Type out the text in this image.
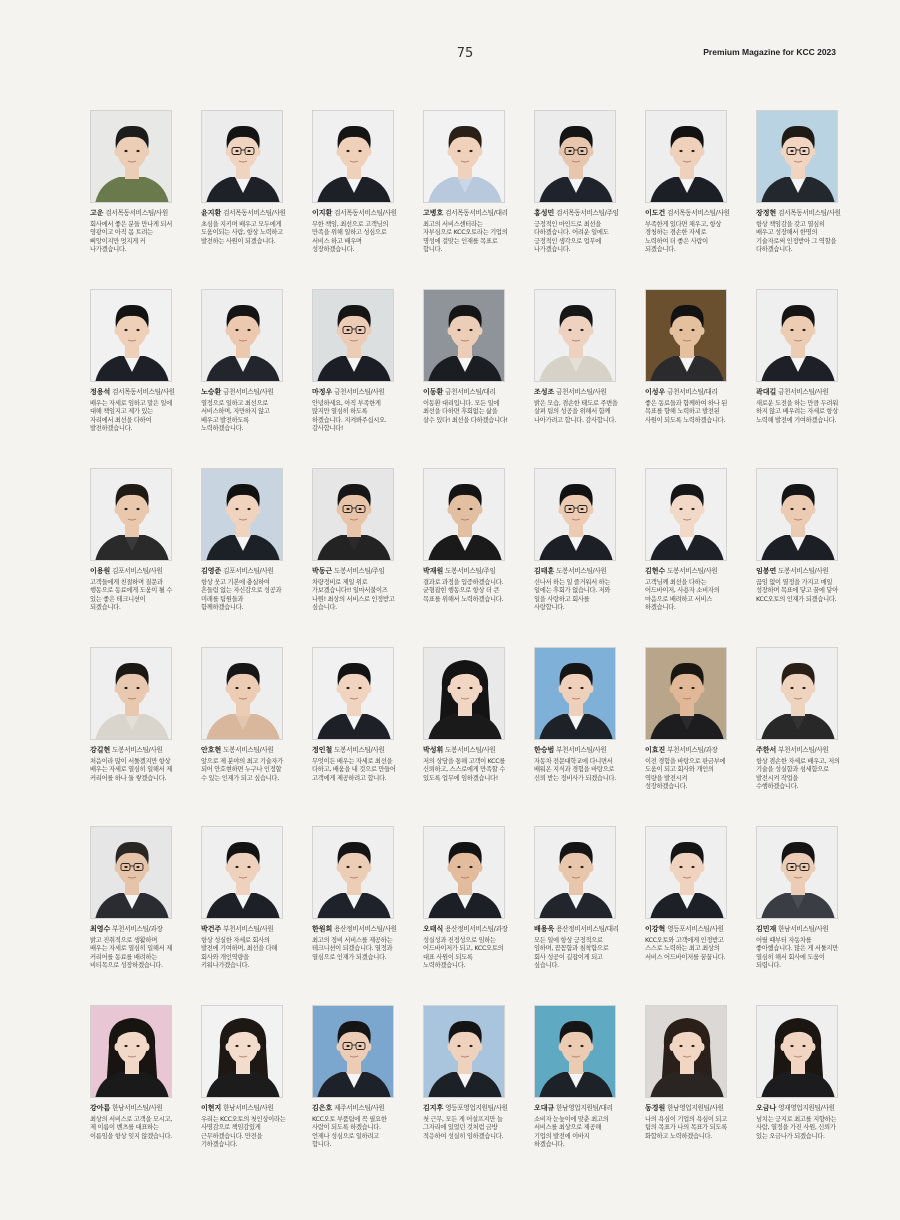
75	Premium Magazine for KCC 2023
고운 검서목동서비스팀/사원
회사에서 좋은 분들 만나게 되서 영광이고 아직 몸 트려는 삐앙이지만 멋지게 커 나가겠습니다.
윤지환 검서목동서비스팀/사원
초심을 지키며 배우고 모두에게 도움이되는 사람, 항상 노력하고 발전하는 사원이 되겠습니다.
이지환 검서목동서비스팀/사원
무한 책임, 최선으로 고객님의 만족을 위해 일하고 성심으로 서비스 하고 배우며 성장하겠습니다.
고병호 검서목동서비스팀/대리
최고의 서비스센터라는 자부심으로 KCC오토라는 기업의 명성에 걸맞는 인재를 목표로 합니다.
홍성민 검서목동서비스팀/주임
긍정적인 마인드로 최선을 다하겠습니다. 어려운 일에도 긍정적인 생각으로 업무에 나가겠습니다.
이도건 검서목동서비스팀/사원
부족한게 있다면 채우고, 항상 경청하는 겸손한 자세로 노력하여 더 좋은 사람이 되겠습니다.
장정현 검서목동서비스팀/사원
항상 책임감을 갖고 열심히 배우고 성장해서 한명의 기술자로써 인정받아 그 역할을 다하겠습니다.
정용석 검서목동서비스팀/사원
배우는 자세로 임하고 말은 일에 대해 책임지고 제가 있는 자리에서 최선을 다하여 발전하겠습니다.
노승환 금천서비스팀/사원
열정으로 일하고 최선으로 서비스하며, 자만하지 않고 배우고 발전하도록 노력하겠습니다.
마정우 금천서비스팀/사원
안녕하세요, 아직 부족한게 많지만 열심히 하도록 하겠습니다. 지켜봐주십시오. 감사합니다!
이동환 금천서비스팀/대리
이동환 대리입니다. 모든 일에 최선을 다하면 후회없는 삶을 살수 있다! 최선을 다하겠습니다!
조성조 금천서비스팀/사원
밝은 모습, 겸손한 태도로 주변을 살펴 팀의 성공을 위해서 함께 나아가려고 합니다. 감사합니다.
이성우 금천서비스팀/대리
좋은 동료들과 함께하여 하나 된 목표를 향해 노력하고 발전된 사원이 되도록 노력하겠습니다.
곽대길 금천서비스팀/사원
새로운 도전을 하는 만큼 두려워 하지 않고 배우려는 자세로 항상 노력해 발전에 기여하겠습니다.
이용원 김포서비스팀/사원
고객들에게 친절하며 질문과 행동으로 동료에게 도움이 될 수 있는 좋은 테크니션이 되겠습니다.
김영준 김포서비스팀/사원
항상 웃고 기본에 충실하여 흔들림 없는 자신감으로 성공과 미래를 팀원들과 함께하겠습니다.
박동근 도봉서비스팀/주임
차량정비로 제일 위로 가보겠습니다!! 일마서불이즈 나뭔! 최상의 서비스로 인정받고 싶습니다.
박재원 도봉서비스팀/주임
결과로 과정을 입증하겠습니다. 균형잡힌 행동으로 항상 더 큰 목표를 위해서 노력하겠습니다.
김태훈 도봉서비스팀/사원
신나서 하는 일 즐거워서 하는 일에는 후회가 없습니다. 저와 일을 사랑하고 회사를 사랑합니다.
김현수 도봉서비스팀/사원
고객님께 최선을 다하는 어드바이저, 사용자 소비자의 마음으로 배려하고 서비스 하겠습니다.
임봉연 도봉서비스팀/사원
끊임 없이 열정을 가지고 매일 성장하며 목표에 닿고 꿈에 닿아 KCC오토의 인재가 되겠습니다.
강길현 도봉서비스팀/사원
처음이라 많이 서툴겠지만 항상 배우는 자세로 열심히 일해서 제 커리어를 하나 둘 쌓겠습니다.
안호현 도봉서비스팀/사원
앞으로 제 분야의 최고 기술자가 되어 안호현하면 누구나 인정할 수 있는 인재가 되고 싶습니다.
정인철 도봉서비스팀/사원
무엇이든 배우는 자세로 최선을 다하고, 배움을 내 것으로 만들어 고객에게 제공하려고 합니다.
박성휘 도봉서비스팀/사원
저의 상담을 통해 고객이 KCC를 신뢰하고, 스스로에게 만족할 수 있도록 업무에 임하겠습니다!
한승범 부천서비스팀/사원
자동차 전문대학교에 다니면서 배워온 지식과 경험을 바탕으로 신뢰 받는 정비사가 되겠습니다.
이효진 부천서비스팀/과장
이전 경험을 바탕으로 판금부에 도움이 되고 회사와 개인의 역량을 발전시켜 성장하겠습니다.
주한서 부천서비스팀/사원
항상 겸손한 자세로 배우고, 저의 기술을 성실함과 섬세함으로 발전시켜 작업을 수행하겠습니다.
최영수 부천서비스팀/과장
밝고 진취적으로 생활하며 배우는 자세로 열심히 일해서 제 커리어를 동료를 배려하는 비티목으로 성장하겠습니다.
박건주 부천서비스팀/사원
항상 성실한 자세로 회사의 발전에 기여하며, 최선을 다해 회사와 개인역량을 키워나가겠습니다.
한원희 용산정비서비스팀/사원
최고의 정비 서비스를 제공하는 테크니션이 되겠습니다. 열정과 열심으로 인재가 되겠습니다.
오태식 용산정비서비스팀/과장
성실성과 진정성으로 임하는 어드바이저가 되고, KCC오토의 대표 사원이 되도록 노력하겠습니다.
배용욱 용산정비서비스팀/대리
모든 일에 항상 긍정적으로 임하며, 꼼꼼함과 침착함으로 회사 성공이 길잡이게 되고 싶습니다.
이강혁 영등포서비스팀/사원
KCC오토와 고객에게 인정받고 스스로 노력하는 최고 최상의 서비스 어드바이저를 꿈꿉니다.
김민재 한남서비스팀/사원
어릴 때부터 자동차를 좋아했습니다. 많은 게 서툴지만 열심히 해서 회사에 도움이 되렵니다.
강아름 한남서비스팀/사원
최상의 서비스로 고객을 모시고, 제 이름이 벤츠를 대표하는 이름임을 항상 잊지 않겠습니다.
이현지 한남서비스팀/사원
우리는 KCC오토의 첫인상이라는 사명감으로 책임감있게 근무하겠습니다. 만전을 기하겠습니다.
김은호 제주서비스팀/사원
KCC오토 부품팀에 꼭 필요한 사람이 되도록 하겠습니다. 언제나 성심으로 일하려고 합니다.
김지후 영등포영업지원팀/사원
첫 근무, 모든 게 어설프지만 늘 그자리에 있었던 것처럼 금방 적응하여 성실히 임하겠습니다.
오대규 한남영업지원팀/대리
소비자 눈높이에 맞춘 최고의 서비스를 최상으로 제공해 기업의 발전에 이바지 하겠습니다.
동경원 한남영업지원팀/사원
나의 욕심이 기업의 욕심이 되고 팀의 목표가 나의 목표가 되도록 화합하고 노력하겠습니다.
오금나 영재영업지원팀/사원
넘치는 긍지로 최고를 지향하는 사람, 열정을 가진 사원, 신뢰가 있는 오금나가 되겠습니다.
